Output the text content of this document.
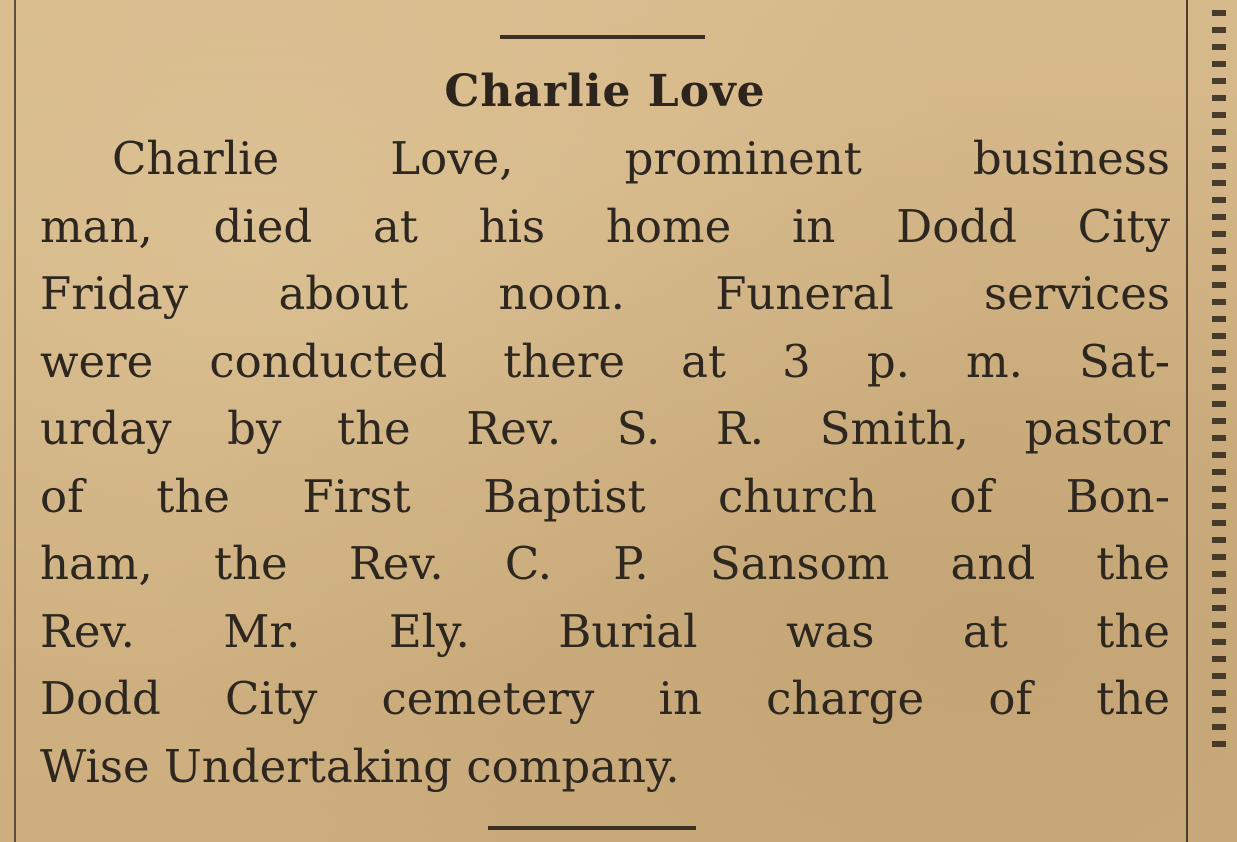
Charlie Love
Charlie Love, prominent business
man, died at his home in Dodd City
Friday about noon. Funeral services
were conducted there at 3 p. m. Sat-
urday by the Rev. S. R. Smith, pastor
of the First Baptist church of Bon-
ham, the Rev. C. P. Sansom and the
Rev. Mr. Ely. Burial was at the
Dodd City cemetery in charge of the
Wise Undertaking company.
